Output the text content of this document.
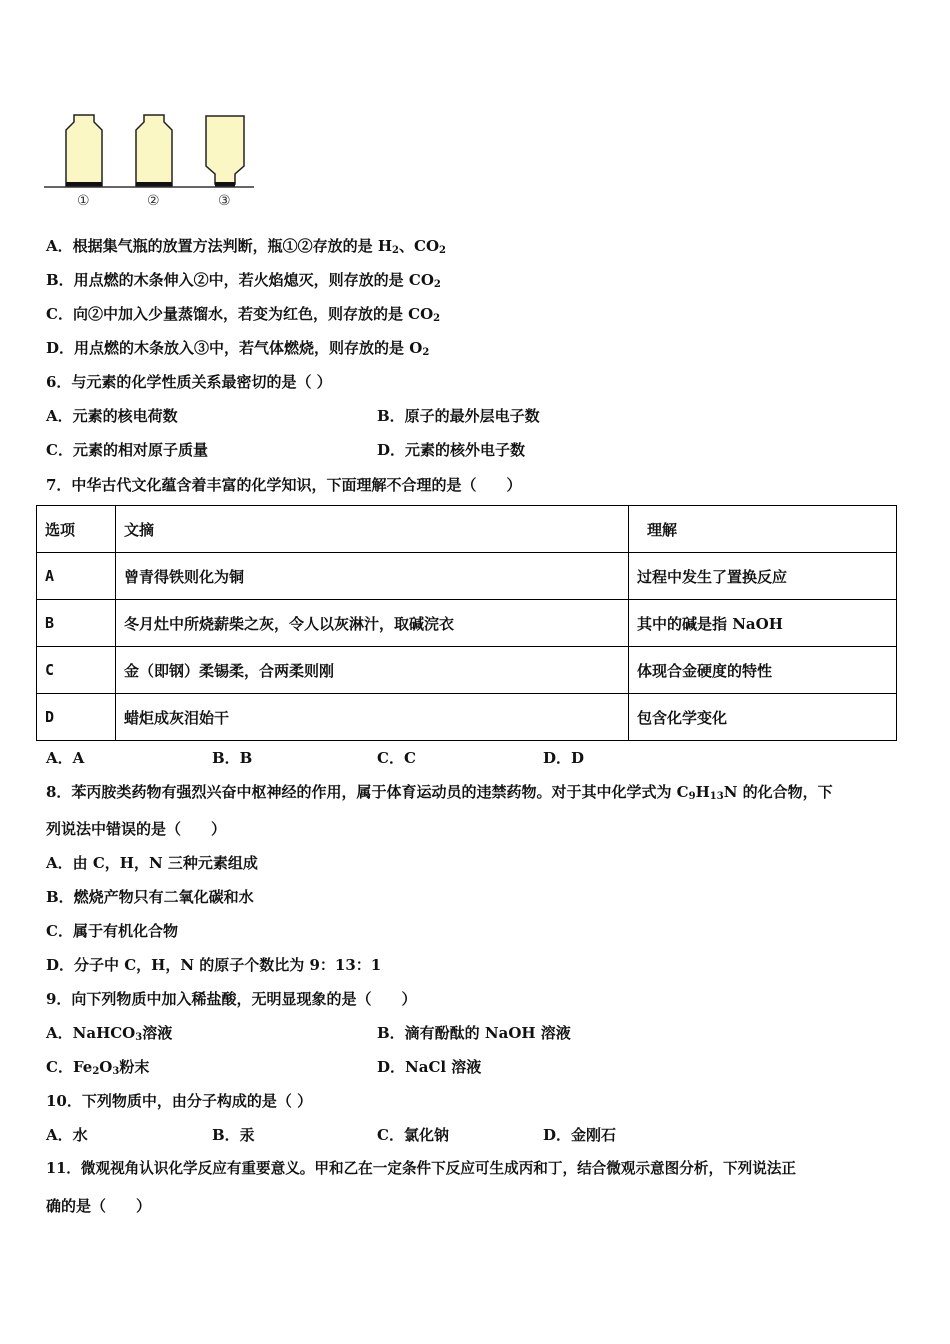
①	②	③
A．根据集气瓶的放置方法判断，瓶①②存放的是 $H_2$、$CO_2$
B．用点燃的木条伸入②中，若火焰熄灭，则存放的是 $CO_2$
C．向②中加入少量蒸馏水，若变为红色，则存放的是 $CO_2$
D．用点燃的木条放入③中，若气体燃烧，则存放的是 $O_2$
6．与元素的化学性质关系最密切的是（ ）
A．元素的核电荷数	B．原子的最外层电子数
C．元素的相对原子质量	D．元素的核外电子数
7．中华古代文化蕴含着丰富的化学知识，下面理解不合理的是（　　）
选项	文摘	理解
A	曾青得铁则化为铜	过程中发生了置换反应
B	冬月灶中所烧薪柴之灰，令人以灰淋汁，取碱浣衣	其中的碱是指 NaOH
C	金（即钢）柔锡柔，合两柔则刚	体现合金硬度的特性
D	蜡炬成灰泪始干	包含化学变化
A．A	B．B	C．C	D．D
8．苯丙胺类药物有强烈兴奋中枢神经的作用，属于体育运动员的违禁药物。对于其中化学式为 $C_9H_{13}N$ 的化合物，下
列说法中错误的是（　　）
A．由 C，H，N 三种元素组成
B．燃烧产物只有二氧化碳和水
C．属于有机化合物
D．分子中 C，H，N 的原子个数比为 9：13：1
9．向下列物质中加入稀盐酸，无明显现象的是（　　）
A．NaHCO$_3$溶液	B．滴有酚酞的 NaOH 溶液
C．$Fe_2O_3$粉末	D．NaCl 溶液
10．下列物质中，由分子构成的是（ ）
A．水	B．汞	C．氯化钠	D．金刚石
11．微观视角认识化学反应有重要意义。甲和乙在一定条件下反应可生成丙和丁，结合微观示意图分析，下列说法正
确的是（　　）
